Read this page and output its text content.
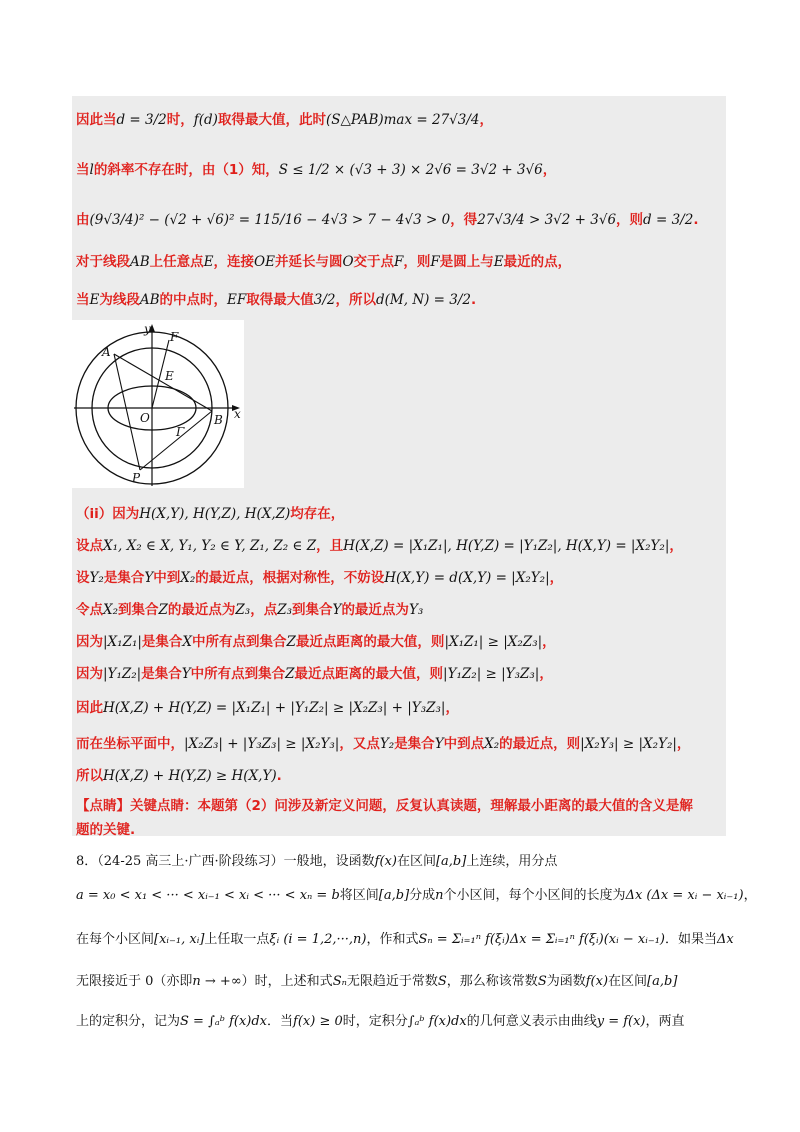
因此当d = 3/2时，f(d)取得最大值，此时(S△PAB)max = 27√3/4，
当l的斜率不存在时，由（1）知，S ≤ 1/2 × (√3 + 3) × 2√6 = 3√2 + 3√6，
由(9√3/4)² − (√2 + √6)² = 115/16 − 4√3 > 7 − 4√3 > 0，得27√3/4 > 3√2 + 3√6，则d = 3/2.
对于线段AB上任意点E，连接OE并延长与圆O交于点F，则F是圆上与E最近的点，
当E为线段AB的中点时，EF取得最大值3/2，所以d(M, N) = 3/2.
y
F
A
E
O	B x
Γ
P
（ii）因为H(X,Y), H(Y,Z), H(X,Z)均存在，
设点X₁, X₂ ∈ X, Y₁, Y₂ ∈ Y, Z₁, Z₂ ∈ Z，且H(X,Z) = |X₁Z₁|, H(Y,Z) = |Y₁Z₂|, H(X,Y) = |X₂Y₂|，
设Y₂是集合Y中到X₂的最近点，根据对称性，不妨设H(X,Y) = d(X,Y) = |X₂Y₂|，
令点X₂到集合Z的最近点为Z₃，点Z₃到集合Y的最近点为Y₃
因为|X₁Z₁|是集合X中所有点到集合Z最近点距离的最大值，则|X₁Z₁| ≥ |X₂Z₃|，
因为|Y₁Z₂|是集合Y中所有点到集合Z最近点距离的最大值，则|Y₁Z₂| ≥ |Y₃Z₃|，
因此H(X,Z) + H(Y,Z) = |X₁Z₁| + |Y₁Z₂| ≥ |X₂Z₃| + |Y₃Z₃|，
而在坐标平面中，|X₂Z₃| + |Y₃Z₃| ≥ |X₂Y₃|，又点Y₂是集合Y中到点X₂的最近点，则|X₂Y₃| ≥ |X₂Y₂|，
所以H(X,Z) + H(Y,Z) ≥ H(X,Y).
【点睛】关键点睛：本题第（2）问涉及新定义问题，反复认真读题，理解最小距离的最大值的含义是解
题的关键.
8．（24-25 高三上·广西·阶段练习）一般地，设函数f(x)在区间[a,b]上连续，用分点
a = x₀ < x₁ < ··· < xᵢ₋₁ < xᵢ < ··· < xₙ = b将区间[a,b]分成n个小区间，每个小区间的长度为Δx (Δx = xᵢ − xᵢ₋₁)，
在每个小区间[xᵢ₋₁, xᵢ]上任取一点ξᵢ (i = 1,2,···,n)，作和式Sₙ = Σᵢ₌₁ⁿ f(ξᵢ)Δx = Σᵢ₌₁ⁿ f(ξᵢ)(xᵢ − xᵢ₋₁)．如果当Δx
无限接近于 0（亦即n → +∞）时，上述和式Sₙ无限趋近于常数S，那么称该常数S为函数f(x)在区间[a,b]
上的定积分，记为S = ∫ₐᵇ f(x)dx．当f(x) ≥ 0时，定积分∫ₐᵇ f(x)dx的几何意义表示由曲线y = f(x)，两直
